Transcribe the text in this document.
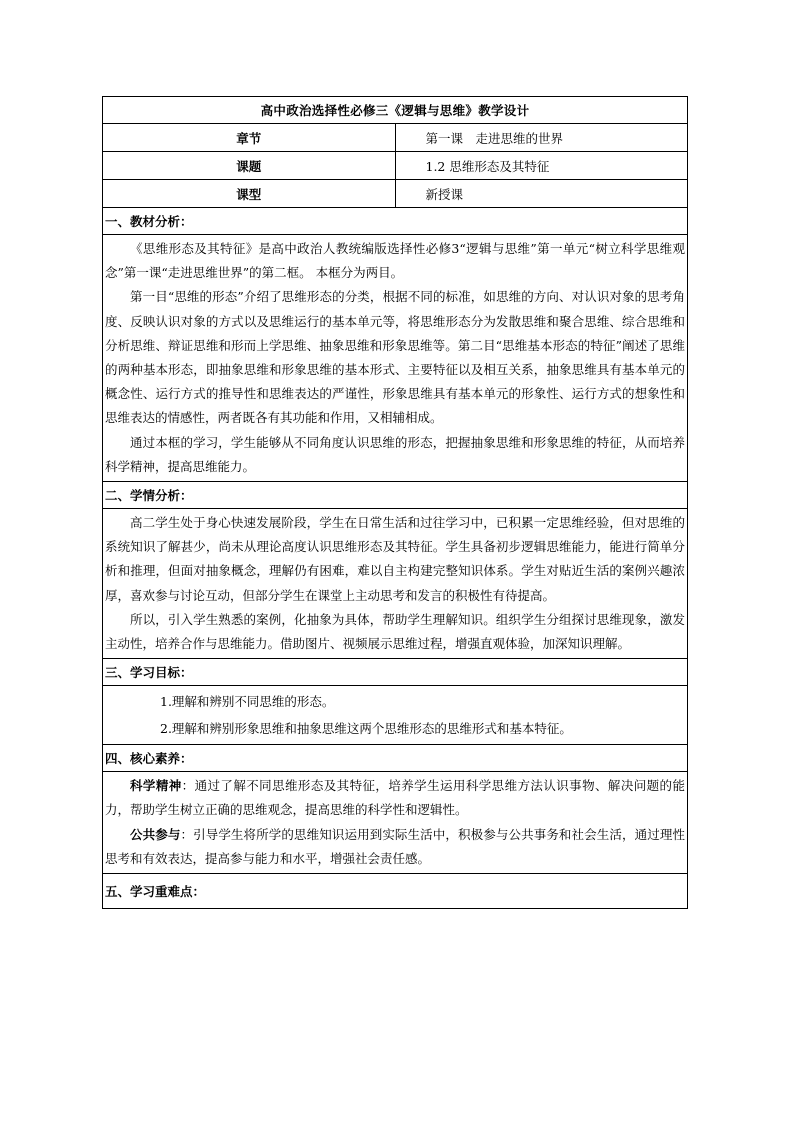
高中政治选择性必修三《逻辑与思维》教学设计	
章节	第一课　走进思维的世界
课题	1.2 思维形态及其特征
课型	新授课
一、教材分析：	

《思维形态及其特征》是高中政治人教统编版选择性必修3“逻辑与思维”第一单元“树立科学思维观念”第一课“走进思维世界”的第二框。 本框分为两目。

第一目“思维的形态”介绍了思维形态的分类，根据不同的标准，如思维的方向、对认识对象的思考角度、反映认识对象的方式以及思维运行的基本单元等，将思维形态分为发散思维和聚合思维、综合思维和分析思维、辩证思维和形而上学思维、抽象思维和形象思维等。第二目“思维基本形态的特征”阐述了思维的两种基本形态，即抽象思维和形象思维的基本形式、主要特征以及相互关系，抽象思维具有基本单元的概念性、运行方式的推导性和思维表达的严谨性，形象思维具有基本单元的形象性、运行方式的想象性和思维表达的情感性，两者既各有其功能和作用，又相辅相成。

通过本框的学习，学生能够从不同角度认识思维的形态，把握抽象思维和形象思维的特征，从而培养科学精神，提高思维能力。	

二、学情分析：	

高二学生处于身心快速发展阶段，学生在日常生活和过往学习中，已积累一定思维经验，但对思维的系统知识了解甚少，尚未从理论高度认识思维形态及其特征。学生具备初步逻辑思维能力，能进行简单分析和推理，但面对抽象概念，理解仍有困难，难以自主构建完整知识体系。学生对贴近生活的案例兴趣浓厚，喜欢参与讨论互动，但部分学生在课堂上主动思考和发言的积极性有待提高。

所以，引入学生熟悉的案例，化抽象为具体，帮助学生理解知识。组织学生分组探讨思维现象，激发主动性，培养合作与思维能力。借助图片、视频展示思维过程，增强直观体验，加深知识理解。	

三、学习目标：	

1.理解和辨别不同思维的形态。

2.理解和辨别形象思维和抽象思维这两个思维形态的思维形式和基本特征。	

四、核心素养：	

科学精神：通过了解不同思维形态及其特征，培养学生运用科学思维方法认识事物、解决问题的能力，帮助学生树立正确的思维观念，提高思维的科学性和逻辑性。

公共参与：引导学生将所学的思维知识运用到实际生活中，积极参与公共事务和社会生活，通过理性思考和有效表达，提高参与能力和水平，增强社会责任感。	

五、学习重难点：	
